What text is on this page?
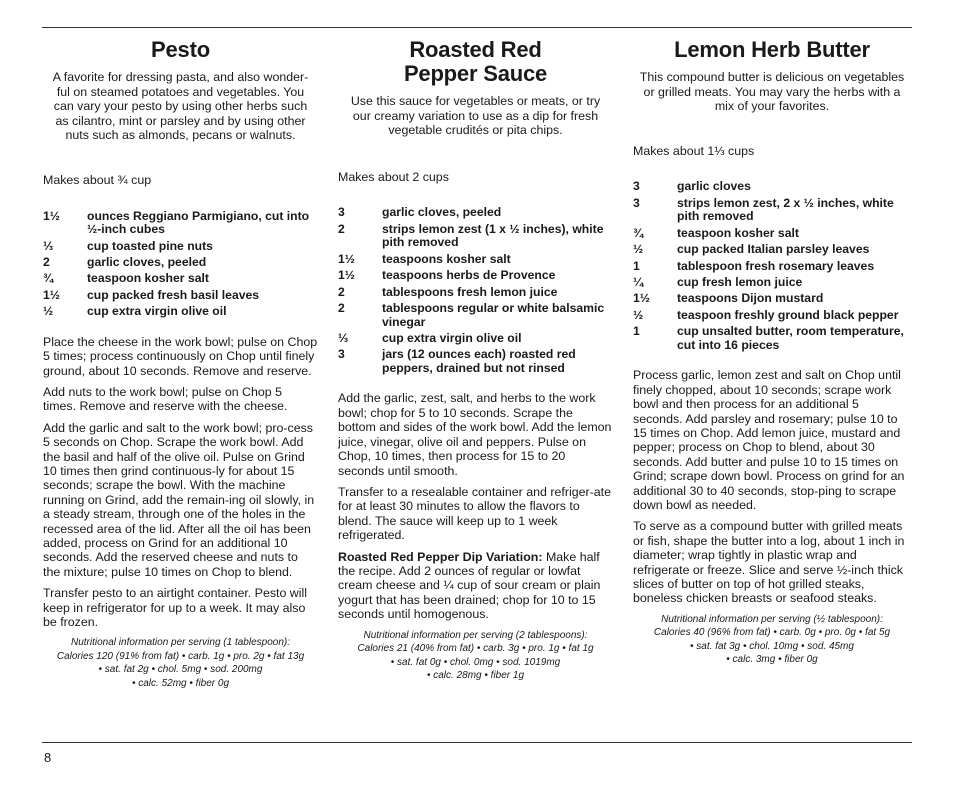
Pesto

A favorite for dressing pasta, and also wonder-ful on steamed potatoes and vegetables. You can vary your pesto by using other herbs such as cilantro, mint or parsley and by using other nuts such as almonds, pecans or walnuts.

Makes about ¾ cup

1½	ounces Reggiano Parmigiano, cut into ½-inch cubes
⅓	cup toasted pine nuts
2	garlic cloves, peeled
¾	teaspoon kosher salt
1½	cup packed fresh basil leaves
½	cup extra virgin olive oil

Place the cheese in the work bowl; pulse on Chop 5 times; process continuously on Chop until finely ground, about 10 seconds. Remove and reserve.

Add nuts to the work bowl; pulse on Chop 5 times. Remove and reserve with the cheese.

Add the garlic and salt to the work bowl; pro-cess 5 seconds on Chop. Scrape the work bowl. Add the basil and half of the olive oil. Pulse on Grind 10 times then grind continuous-ly for about 15 seconds; scrape the bowl. With the machine running on Grind, add the remain-ing oil slowly, in a steady stream, through one of the holes in the recessed area of the lid. After all the oil has been added, process on Grind for an additional 10 seconds. Add the reserved cheese and nuts to the mixture; pulse 10 times on Chop to blend.

Transfer pesto to an airtight container. Pesto will keep in refrigerator for up to a week. It may also be frozen.

Nutritional information per serving (1 tablespoon):
Calories 120 (91% from fat) • carb. 1g • pro. 2g • fat 13g
• sat. fat 2g • chol. 5mg • sod. 200mg
• calc. 52mg • fiber 0g
Roasted Red
Pepper Sauce

Use this sauce for vegetables or meats, or try our creamy variation to use as a dip for fresh vegetable crudités or pita chips.

Makes about 2 cups

3	garlic cloves, peeled
2	strips lemon zest (1 x ½ inches), white pith removed
1½	teaspoons kosher salt
1½	teaspoons herbs de Provence
2	tablespoons fresh lemon juice
2	tablespoons regular or white balsamic vinegar
⅓	cup extra virgin olive oil
3	jars (12 ounces each) roasted red peppers, drained but not rinsed

Add the garlic, zest, salt, and herbs to the work bowl; chop for 5 to 10 seconds. Scrape the bottom and sides of the work bowl. Add the lemon juice, vinegar, olive oil and peppers. Pulse on Chop, 10 times, then process for 15 to 20 seconds until smooth.

Transfer to a resealable container and refriger-ate for at least 30 minutes to allow the flavors to blend. The sauce will keep up to 1 week refrigerated.

Roasted Red Pepper Dip Variation: Make half the recipe. Add 2 ounces of regular or lowfat cream cheese and ¼ cup of sour cream or plain yogurt that has been drained; chop for 10 to 15 seconds until homogenous.

Nutritional information per serving (2 tablespoons):
Calories 21 (40% from fat) • carb. 3g • pro. 1g • fat 1g
• sat. fat 0g • chol. 0mg • sod. 1019mg
• calc. 28mg • fiber 1g
Lemon Herb Butter

This compound butter is delicious on vegetables or grilled meats. You may vary the herbs with a mix of your favorites.

Makes about 1⅓ cups

3	garlic cloves
3	strips lemon zest, 2 x ½ inches, white pith removed
¾	teaspoon kosher salt
½	cup packed Italian parsley leaves
1	tablespoon fresh rosemary leaves
¼	cup fresh lemon juice
1½	teaspoons Dijon mustard
½	teaspoon freshly ground black pepper
1	cup unsalted butter, room temperature, cut into 16 pieces

Process garlic, lemon zest and salt on Chop until finely chopped, about 10 seconds; scrape work bowl and then process for an additional 5 seconds. Add parsley and rosemary; pulse 10 to 15 times on Chop. Add lemon juice, mustard and pepper; process on Chop to blend, about 30 seconds. Add butter and pulse 10 to 15 times on Grind; scrape down bowl. Process on grind for an additional 30 to 40 seconds, stop-ping to scrape down bowl as needed.

To serve as a compound butter with grilled meats or fish, shape the butter into a log, about 1 inch in diameter; wrap tightly in plastic wrap and refrigerate or freeze. Slice and serve ½-inch thick slices of butter on top of hot grilled steaks, boneless chicken breasts or seafood steaks.

Nutritional information per serving (½ tablespoon):
Calories 40 (96% from fat) • carb. 0g • pro. 0g • fat 5g
• sat. fat 3g • chol. 10mg • sod. 45mg
• calc. 3mg • fiber 0g
8
